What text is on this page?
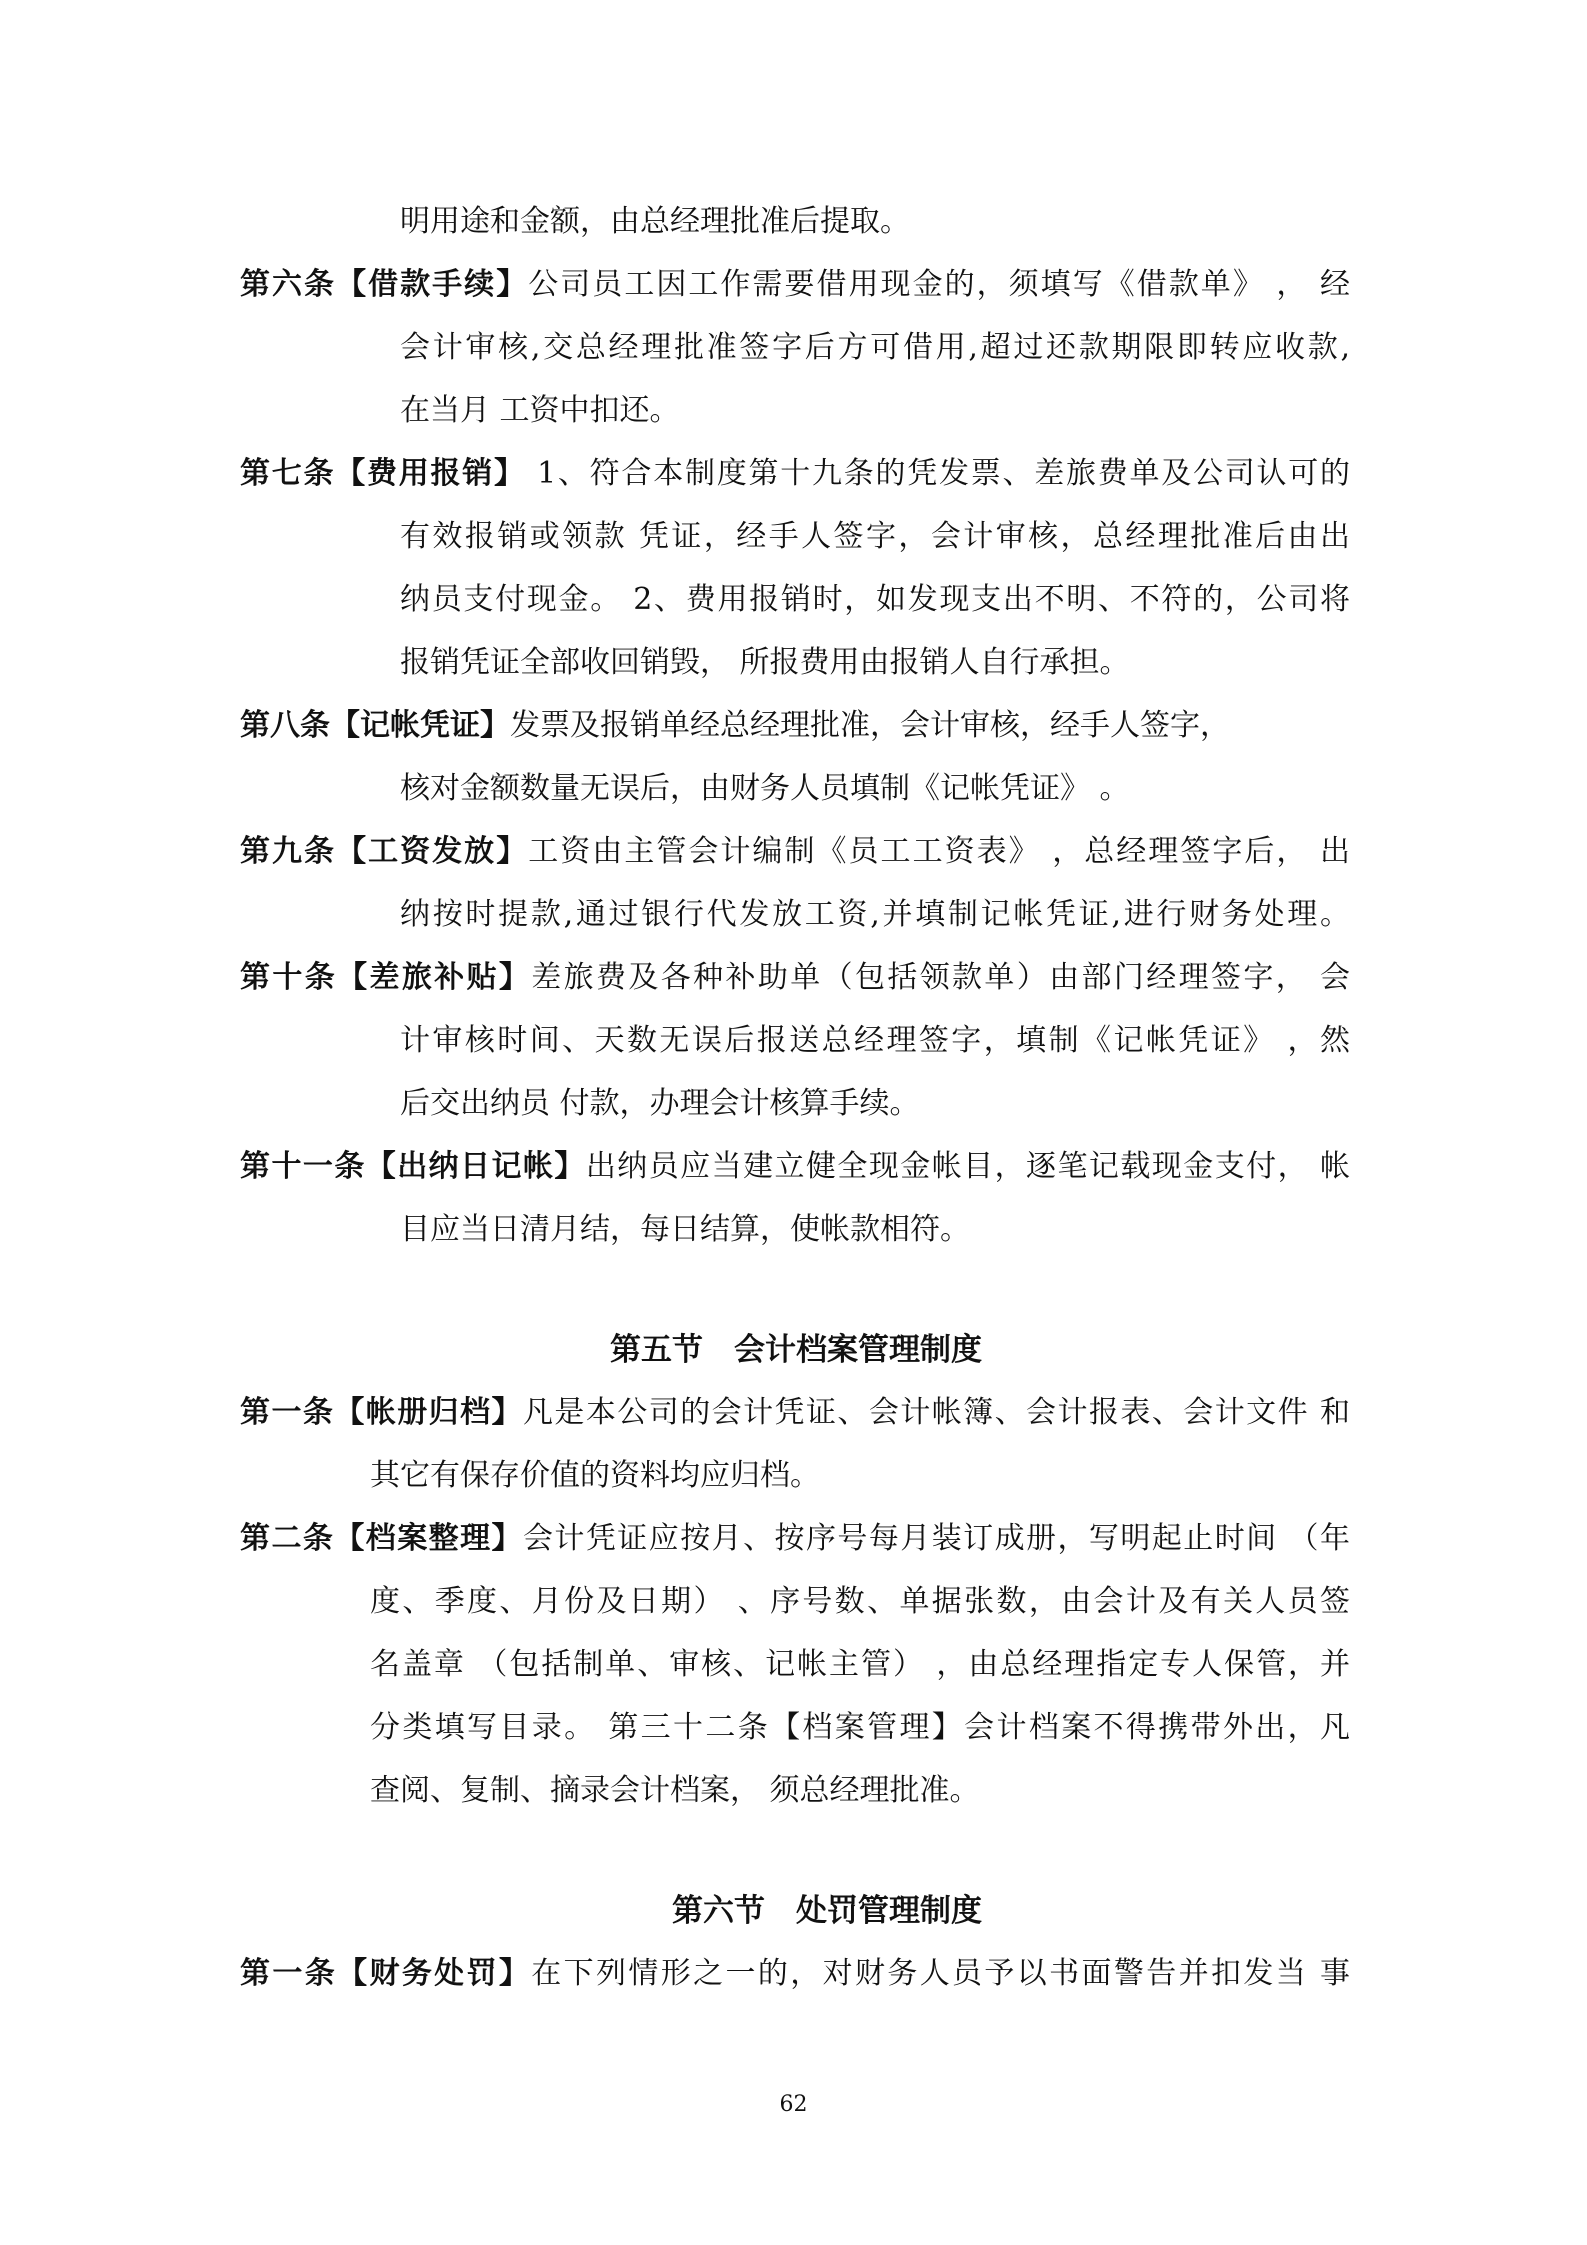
明用途和金额，由总经理批准后提取。
第六条【借款手续】公司员工因工作需要借用现金的，须填写《借款单》 ， 经
会计审核,交总经理批准签字后方可借用,超过还款期限即转应收款,
在当月 工资中扣还。
第七条【费用报销】 1、符合本制度第十九条的凭发票、差旅费单及公司认可的
有效报销或领款 凭证，经手人签字，会计审核，总经理批准后由出
纳员支付现金。 2、费用报销时，如发现支出不明、不符的，公司将
报销凭证全部收回销毁， 所报费用由报销人自行承担。
第八条【记帐凭证】发票及报销单经总经理批准，会计审核，经手人签字，
核对金额数量无误后，由财务人员填制《记帐凭证》 。
第九条【工资发放】工资由主管会计编制《员工工资表》 ，总经理签字后， 出
纳按时提款,通过银行代发放工资,并填制记帐凭证,进行财务处理。
第十条【差旅补贴】差旅费及各种补助单（包括领款单）由部门经理签字， 会
计审核时间、天数无误后报送总经理签字，填制《记帐凭证》 ，然
后交出纳员 付款，办理会计核算手续。
第十一条【出纳日记帐】出纳员应当建立健全现金帐目，逐笔记载现金支付， 帐
目应当日清月结，每日结算，使帐款相符。
第五节　会计档案管理制度
第一条【帐册归档】凡是本公司的会计凭证、会计帐簿、会计报表、会计文件 和
其它有保存价值的资料均应归档。
第二条【档案整理】会计凭证应按月、按序号每月装订成册，写明起止时间 （年
度、季度、月份及日期） 、序号数、单据张数，由会计及有关人员签
名盖章 （包括制单、审核、记帐主管） ，由总经理指定专人保管，并
分类填写目录。 第三十二条【档案管理】会计档案不得携带外出，凡
查阅、复制、摘录会计档案， 须总经理批准。
第六节　处罚管理制度
第一条【财务处罚】在下列情形之一的，对财务人员予以书面警告并扣发当 事
62
